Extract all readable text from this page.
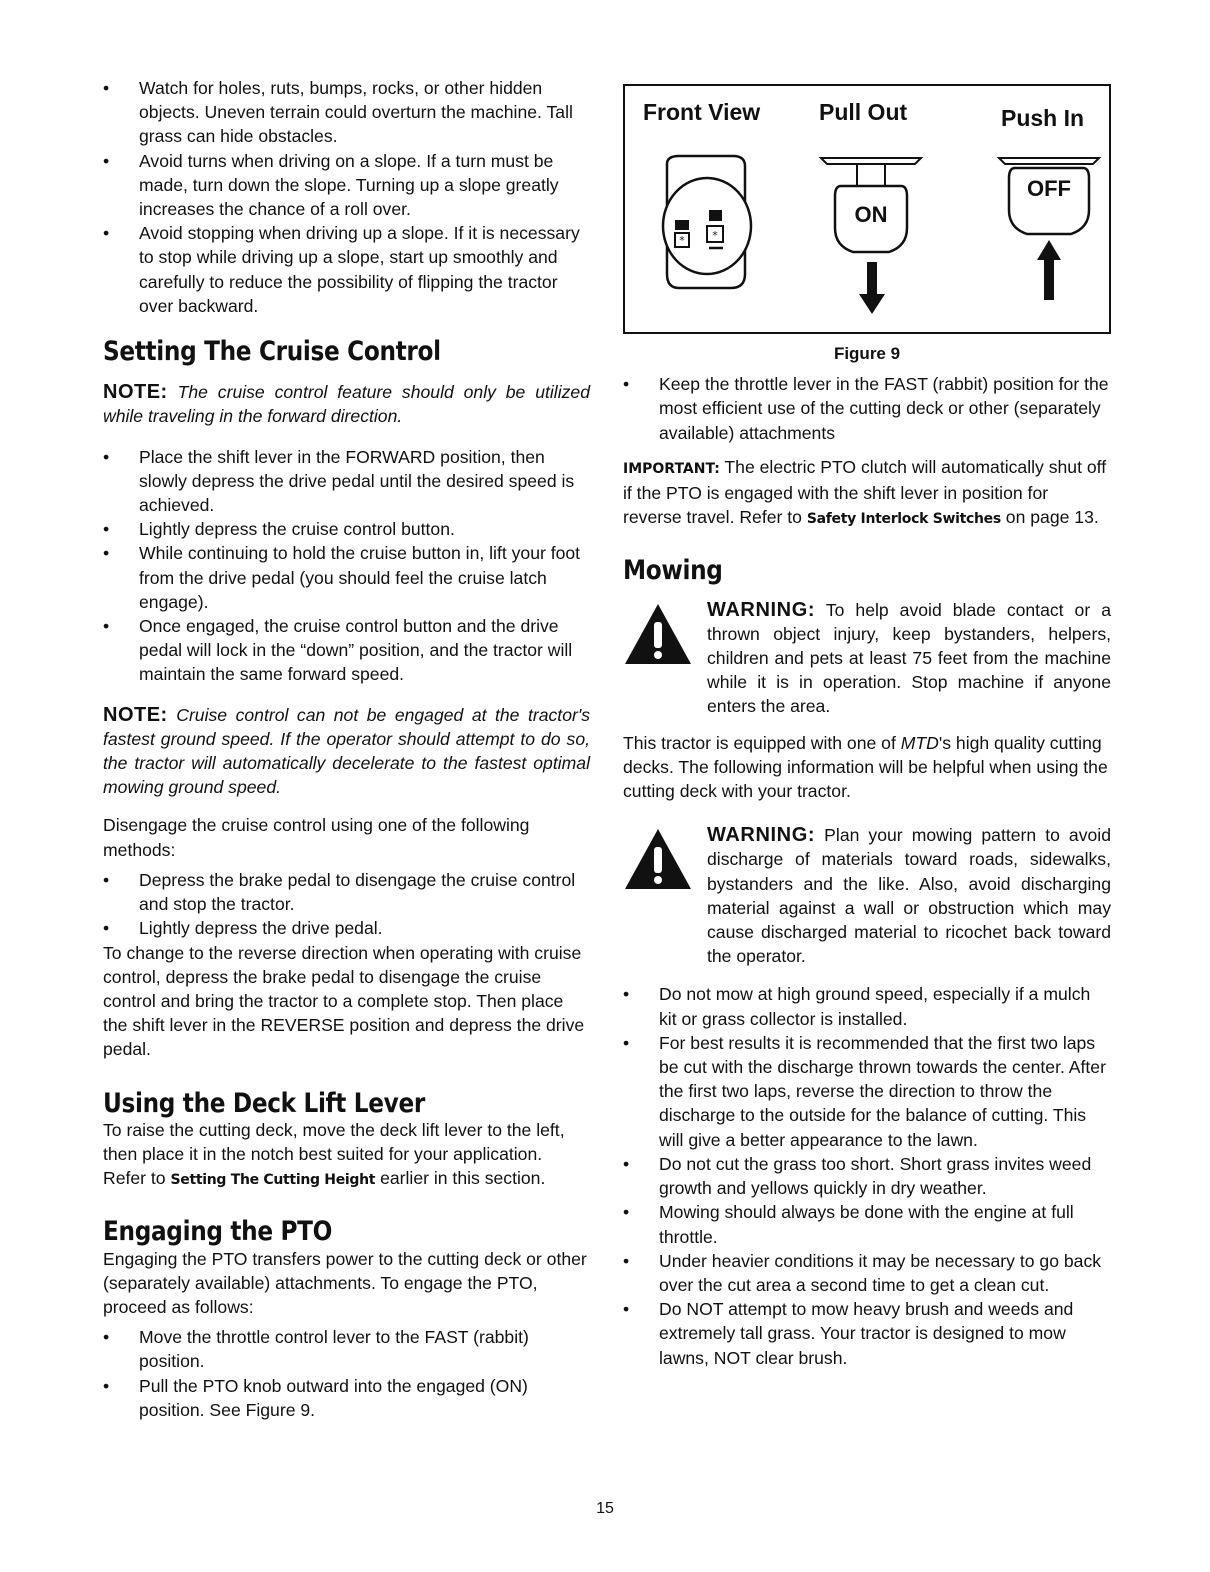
• Watch for holes, ruts, bumps, rocks, or other hidden objects. Uneven terrain could overturn the machine. Tall grass can hide obstacles.
• Avoid turns when driving on a slope. If a turn must be made, turn down the slope. Turning up a slope greatly increases the chance of a roll over.
• Avoid stopping when driving up a slope. If it is necessary to stop while driving up a slope, start up smoothly and carefully to reduce the possibility of flipping the tractor over backward.
Setting The Cruise Control

NOTE: The cruise control feature should only be utilized while traveling in the forward direction.

• Place the shift lever in the FORWARD position, then slowly depress the drive pedal until the desired speed is achieved.
• Lightly depress the cruise control button.
• While continuing to hold the cruise button in, lift your foot from the drive pedal (you should feel the cruise latch engage).
• Once engaged, the cruise control button and the drive pedal will lock in the “down” position, and the tractor will maintain the same forward speed.

NOTE: Cruise control can not be engaged at the tractor's fastest ground speed. If the operator should attempt to do so, the tractor will automatically decelerate to the fastest optimal mowing ground speed.

Disengage the cruise control using one of the following methods:

• Depress the brake pedal to disengage the cruise control and stop the tractor.
• Lightly depress the drive pedal.

To change to the reverse direction when operating with cruise control, depress the brake pedal to disengage the cruise control and bring the tractor to a complete stop. Then place the shift lever in the REVERSE position and depress the drive pedal.

Using the Deck Lift Lever

To raise the cutting deck, move the deck lift lever to the left, then place it in the notch best suited for your application. Refer to Setting The Cutting Height earlier in this section.

Engaging the PTO

Engaging the PTO transfers power to the cutting deck or other (separately available) attachments. To engage the PTO, proceed as follows:

• Move the throttle control lever to the FAST (rabbit) position.
• Pull the PTO knob outward into the engaged (ON) position. See Figure 9.
Front View	Pull Out	Push In
*	*
ON
OFF
Figure 9
• Keep the throttle lever in the FAST (rabbit) position for the most efficient use of the cutting deck or other (separately available) attachments

IMPORTANT: The electric PTO clutch will automatically shut off if the PTO is engaged with the shift lever in position for reverse travel. Refer to Safety Interlock Switches on page 13.

Mowing
WARNING: To help avoid blade contact or a thrown object injury, keep bystanders, helpers, children and pets at least 75 feet from the machine while it is in operation. Stop machine if anyone enters the area.

This tractor is equipped with one of MTD's high quality cutting decks. The following information will be helpful when using the cutting deck with your tractor.

WARNING: Plan your mowing pattern to avoid discharge of materials toward roads, sidewalks, bystanders and the like. Also, avoid discharging material against a wall or obstruction which may cause discharged material to ricochet back toward the operator.
• Do not mow at high ground speed, especially if a mulch kit or grass collector is installed.
• For best results it is recommended that the first two laps be cut with the discharge thrown towards the center. After the first two laps, reverse the direction to throw the discharge to the outside for the balance of cutting. This will give a better appearance to the lawn.
• Do not cut the grass too short. Short grass invites weed growth and yellows quickly in dry weather.
• Mowing should always be done with the engine at full throttle.
• Under heavier conditions it may be necessary to go back over the cut area a second time to get a clean cut.
• Do NOT attempt to mow heavy brush and weeds and extremely tall grass. Your tractor is designed to mow lawns, NOT clear brush.
15
